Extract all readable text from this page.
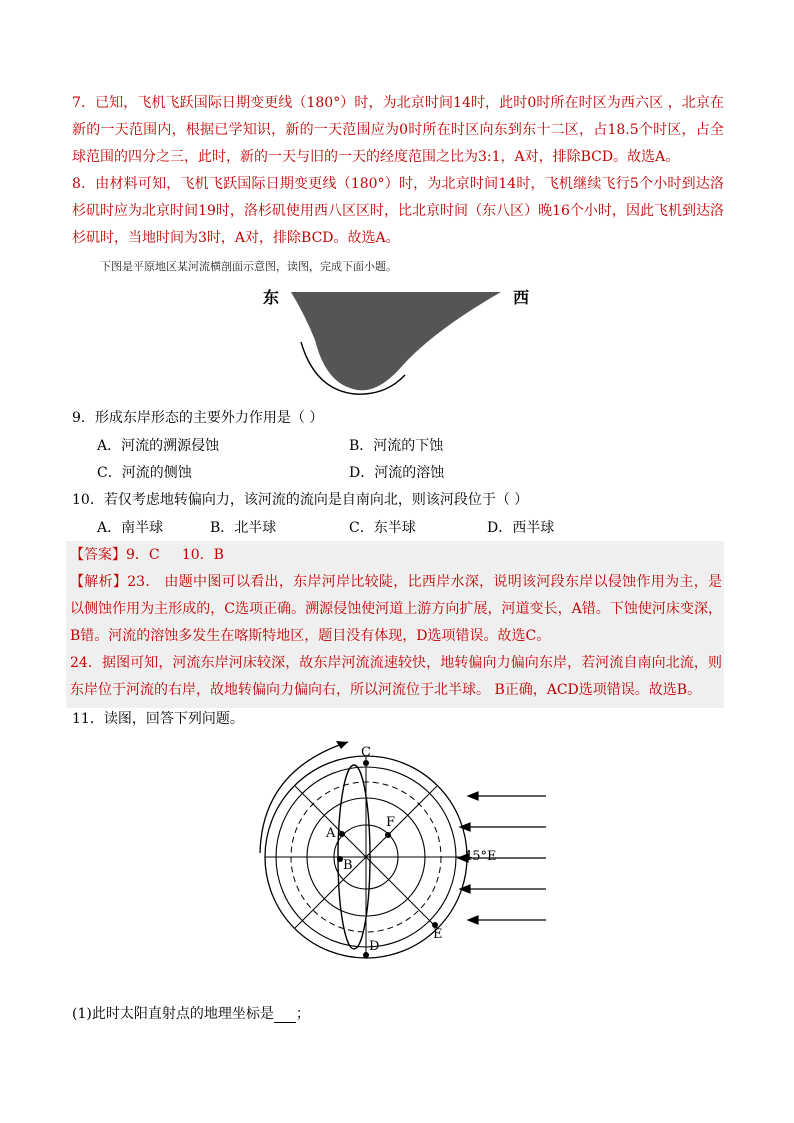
7．已知，飞机飞跃国际日期变更线（180°）时，为北京时间14时，此时0时所在时区为西六区 ，北京在新的一天范围内，根据已学知识，新的一天范围应为0时所在时区向东到东十二区，占18.5个时区，占全球范围的四分之三，此时，新的一天与旧的一天的经度范围之比为3:1，A对，排除BCD。故选A。
8．由材料可知，飞机飞跃国际日期变更线（180°）时，为北京时间14时，飞机继续飞行5个小时到达洛杉矶时应为北京时间19时，洛杉矶使用西八区区时，比北京时间（东八区）晚16个小时，因此飞机到达洛杉矶时，当地时间为3时，A对，排除BCD。故选A。
下图是平原地区某河流横剖面示意图，读图，完成下面小题。
东	西
9．形成东岸形态的主要外力作用是（ ）
A．河流的溯源侵蚀	B．河流的下蚀
C．河流的侧蚀	D．河流的溶蚀
10．若仅考虑地转偏向力，该河流的流向是自南向北，则该河段位于（ ）
A．南半球	B．北半球	C．东半球	D．西半球
【答案】9．C     10．B
【解析】23． 由题中图可以看出，东岸河岸比较陡，比西岸水深，说明该河段东岸以侵蚀作用为主，是以侧蚀作用为主形成的，C选项正确。溯源侵蚀使河道上游方向扩展，河道变长，A错。下蚀使河床变深，B错。河流的溶蚀多发生在喀斯特地区，题目没有体现，D选项错误。故选C。
24．据图可知，河流东岸河床较深，故东岸河流流速较快，地转偏向力偏向东岸，若河流自南向北流，则东岸位于河流的右岸，故地转偏向力偏向右，所以河流位于北半球。 B正确，ACD选项错误。故选B。
11．读图，回答下列问题。
C
D
A
B
F
E
45°E
(1)此时太阳直射点的地理坐标是 ；
